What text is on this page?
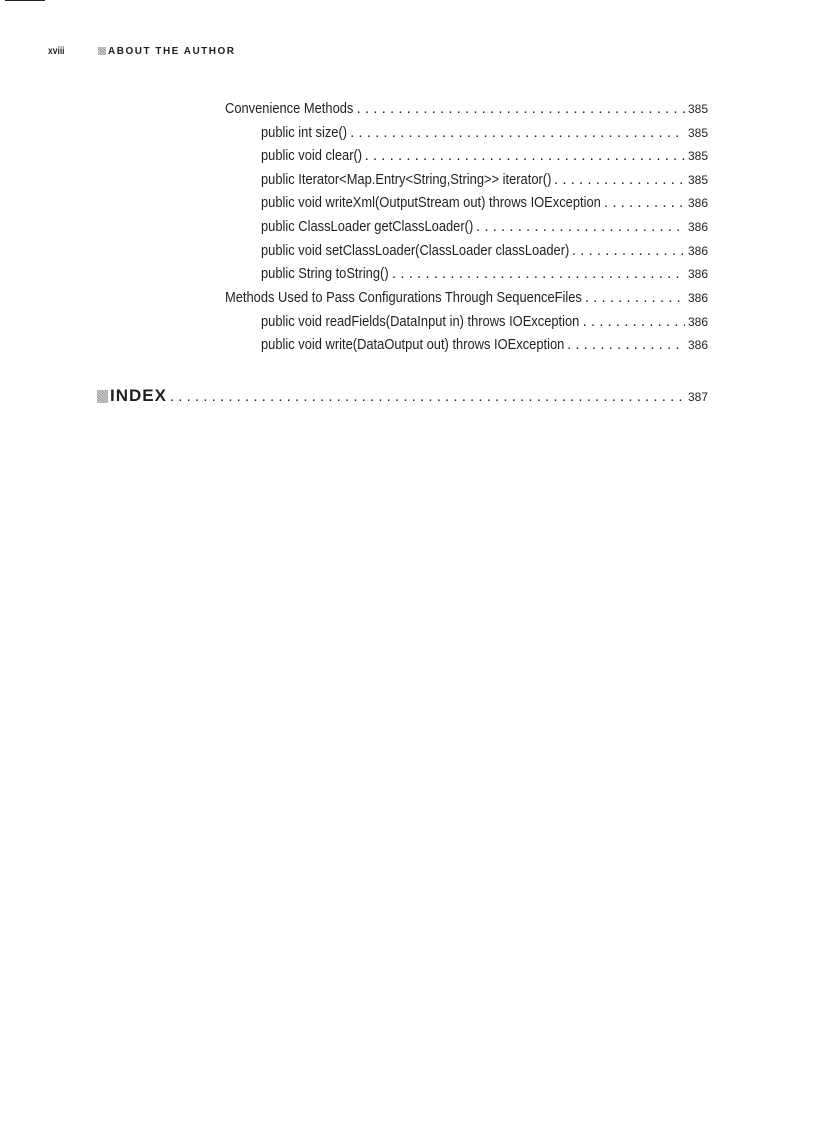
xviii	ABOUT THE AUTHOR
Convenience Methods . . .	385
public int size() . . .	385
public void clear() . . .	385
public Iterator<Map.Entry<String,String>> iterator() . . .	385
public void writeXml(OutputStream out) throws IOException . . .	386
public ClassLoader getClassLoader() . . .	386
public void setClassLoader(ClassLoader classLoader) . . .	386
public String toString() . . .	386
Methods Used to Pass Configurations Through SequenceFiles . . .	386
public void readFields(DataInput in) throws IOException . . .	386
public void write(DataOutput out) throws IOException . . .	386
INDEX . . .	387
